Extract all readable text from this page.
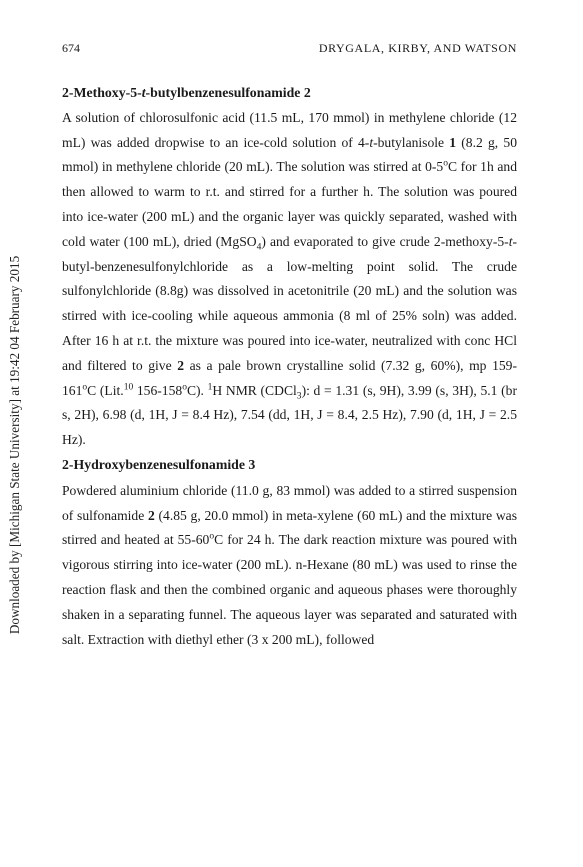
Downloaded by [Michigan State University] at 19:42 04 February 2015
674	DRYGALA, KIRBY, AND WATSON
2-Methoxy-5-t-butylbenzenesulfonamide 2

A solution of chlorosulfonic acid (11.5 mL, 170 mmol) in methylene chloride (12 mL) was added dropwise to an ice-cold solution of 4-t-butylanisole 1 (8.2 g, 50 mmol) in methylene chloride (20 mL). The solution was stirred at 0-5$^o$C for 1h and then allowed to warm to r.t. and stirred for a further h. The solution was poured into ice-water (200 mL) and the organic layer was quickly separated, washed with cold water (100 mL), dried (MgSO$_4$) and evaporated to give crude 2-methoxy-5-t-butyl-benzenesulfonylchloride as a low-melting point solid. The crude sulfonylchloride (8.8g) was dissolved in acetonitrile (20 mL) and the solution was stirred with ice-cooling while aqueous ammonia (8 ml of 25% soln) was added. After 16 h at r.t. the mixture was poured into ice-water, neutralized with conc HCl and filtered to give 2 as a pale brown crystalline solid (7.32 g, 60%), mp 159-161$^o$C (Lit.$^{10}$ 156-158$^o$C). $^1$H NMR (CDCl$_3$): d = 1.31 (s, 9H), 3.99 (s, 3H), 5.1 (br s, 2H), 6.98 (d, 1H, J = 8.4 Hz), 7.54 (dd, 1H, J = 8.4, 2.5 Hz), 7.90 (d, 1H, J = 2.5 Hz).

2-Hydroxybenzenesulfonamide 3

Powdered aluminium chloride (11.0 g, 83 mmol) was added to a stirred suspension of sulfonamide 2 (4.85 g, 20.0 mmol) in meta-xylene (60 mL) and the mixture was stirred and heated at 55-60$^o$C for 24 h. The dark reaction mixture was poured with vigorous stirring into ice-water (200 mL). n-Hexane (80 mL) was used to rinse the reaction flask and then the combined organic and aqueous phases were thoroughly shaken in a separating funnel. The aqueous layer was separated and saturated with salt. Extraction with diethyl ether (3 x 200 mL), followed
